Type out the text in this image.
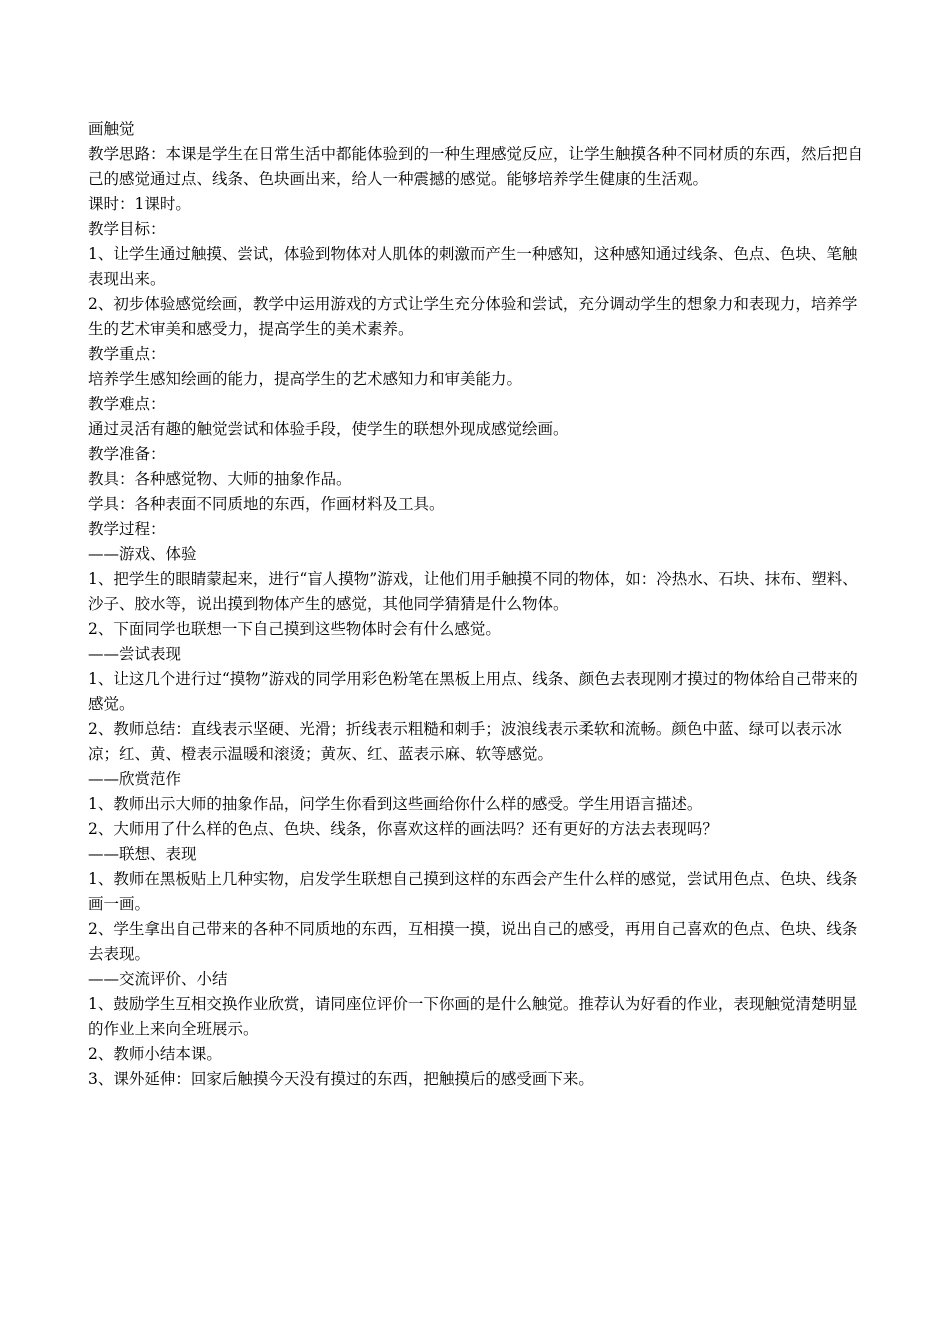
画触觉

教学思路：本课是学生在日常生活中都能体验到的一种生理感觉反应，让学生触摸各种不同材质的东西，然后把自己的感觉通过点、线条、色块画出来，给人一种震撼的感觉。能够培养学生健康的生活观。

课时：1课时。

教学目标：

1、让学生通过触摸、尝试，体验到物体对人肌体的刺激而产生一种感知，这种感知通过线条、色点、色块、笔触表现出来。

2、初步体验感觉绘画，教学中运用游戏的方式让学生充分体验和尝试，充分调动学生的想象力和表现力，培养学生的艺术审美和感受力，提高学生的美术素养。

教学重点：

培养学生感知绘画的能力，提高学生的艺术感知力和审美能力。

教学难点：

通过灵活有趣的触觉尝试和体验手段，使学生的联想外现成感觉绘画。

教学准备：

教具：各种感觉物、大师的抽象作品。

学具：各种表面不同质地的东西，作画材料及工具。

教学过程：

——游戏、体验

1、把学生的眼睛蒙起来，进行“盲人摸物”游戏，让他们用手触摸不同的物体，如：冷热水、石块、抹布、塑料、沙子、胶水等，说出摸到物体产生的感觉，其他同学猜猜是什么物体。

2、下面同学也联想一下自己摸到这些物体时会有什么感觉。

——尝试表现

1、让这几个进行过“摸物”游戏的同学用彩色粉笔在黑板上用点、线条、颜色去表现刚才摸过的物体给自己带来的感觉。

2、教师总结：直线表示坚硬、光滑；折线表示粗糙和刺手；波浪线表示柔软和流畅。颜色中蓝、绿可以表示冰凉；红、黄、橙表示温暖和滚烫；黄灰、红、蓝表示麻、软等感觉。

——欣赏范作

1、教师出示大师的抽象作品，问学生你看到这些画给你什么样的感受。学生用语言描述。

2、大师用了什么样的色点、色块、线条，你喜欢这样的画法吗？还有更好的方法去表现吗？

——联想、表现

1、教师在黑板贴上几种实物，启发学生联想自己摸到这样的东西会产生什么样的感觉，尝试用色点、色块、线条画一画。

2、学生拿出自己带来的各种不同质地的东西，互相摸一摸，说出自己的感受，再用自己喜欢的色点、色块、线条去表现。

——交流评价、小结

1、鼓励学生互相交换作业欣赏，请同座位评价一下你画的是什么触觉。推荐认为好看的作业，表现触觉清楚明显的作业上来向全班展示。

2、教师小结本课。

3、课外延伸：回家后触摸今天没有摸过的东西，把触摸后的感受画下来。
